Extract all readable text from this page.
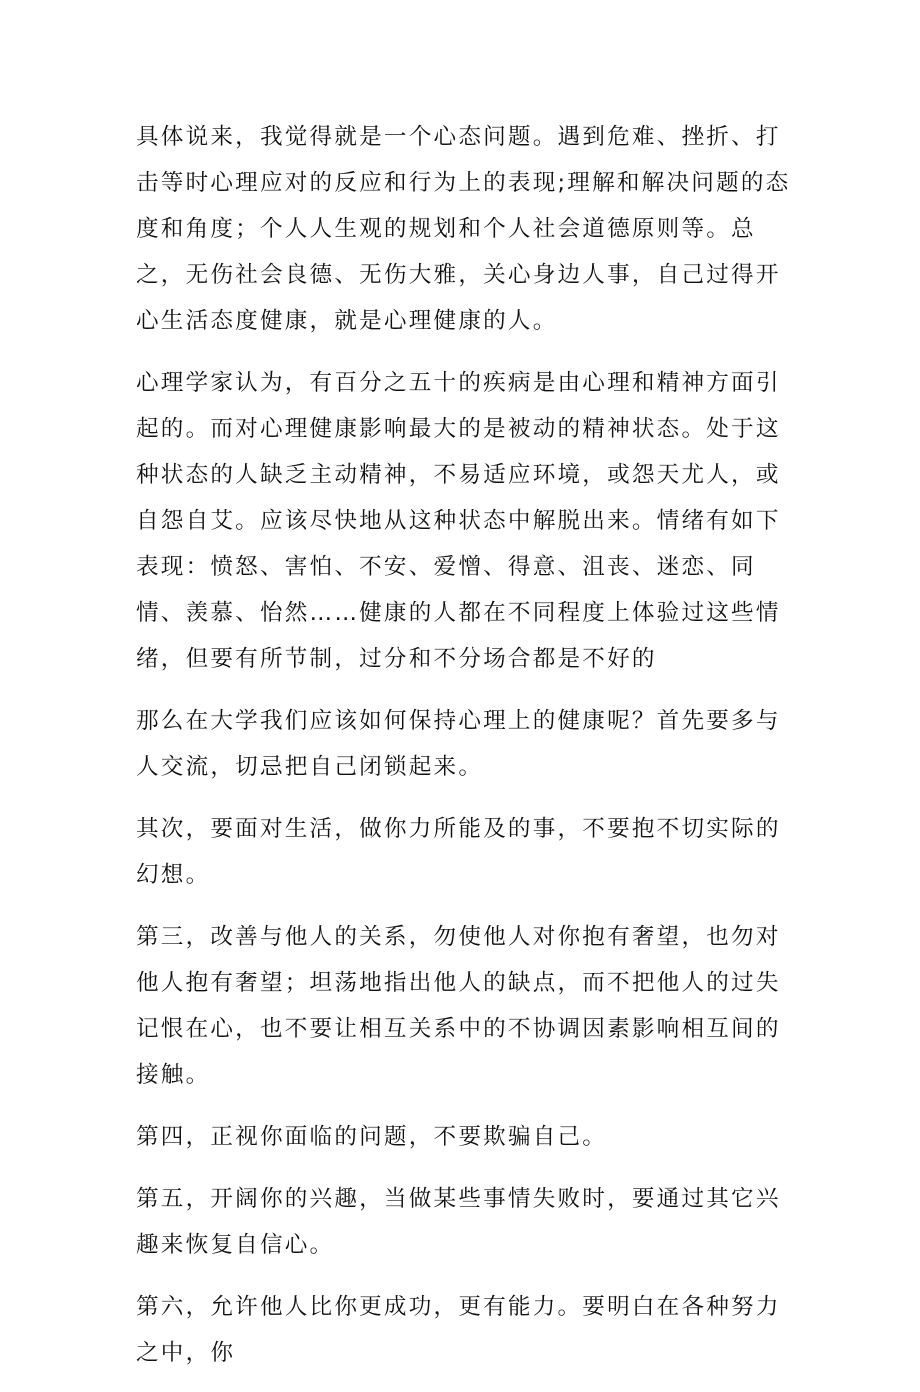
具体说来，我觉得就是一个心态问题。遇到危难、挫折、打击等时心理应对的反应和行为上的表现;理解和解决问题的态度和角度；个人人生观的规划和个人社会道德原则等。总之，无伤社会良德、无伤大雅，关心身边人事，自己过得开心生活态度健康，就是心理健康的人。

心理学家认为，有百分之五十的疾病是由心理和精神方面引起的。而对心理健康影响最大的是被动的精神状态。处于这种状态的人缺乏主动精神，不易适应环境，或怨天尤人，或自怨自艾。应该尽快地从这种状态中解脱出来。情绪有如下表现：愤怒、害怕、不安、爱憎、得意、沮丧、迷恋、同情、羡慕、怡然……健康的人都在不同程度上体验过这些情绪，但要有所节制，过分和不分场合都是不好的

那么在大学我们应该如何保持心理上的健康呢？首先要多与人交流，切忌把自己闭锁起来。

其次，要面对生活，做你力所能及的事，不要抱不切实际的幻想。

第三，改善与他人的关系，勿使他人对你抱有奢望，也勿对他人抱有奢望；坦荡地指出他人的缺点，而不把他人的过失记恨在心，也不要让相互关系中的不协调因素影响相互间的接触。

第四，正视你面临的问题，不要欺骗自己。

第五，开阔你的兴趣，当做某些事情失败时，要通过其它兴趣来恢复自信心。

第六，允许他人比你更成功，更有能力。要明白在各种努力之中，你
